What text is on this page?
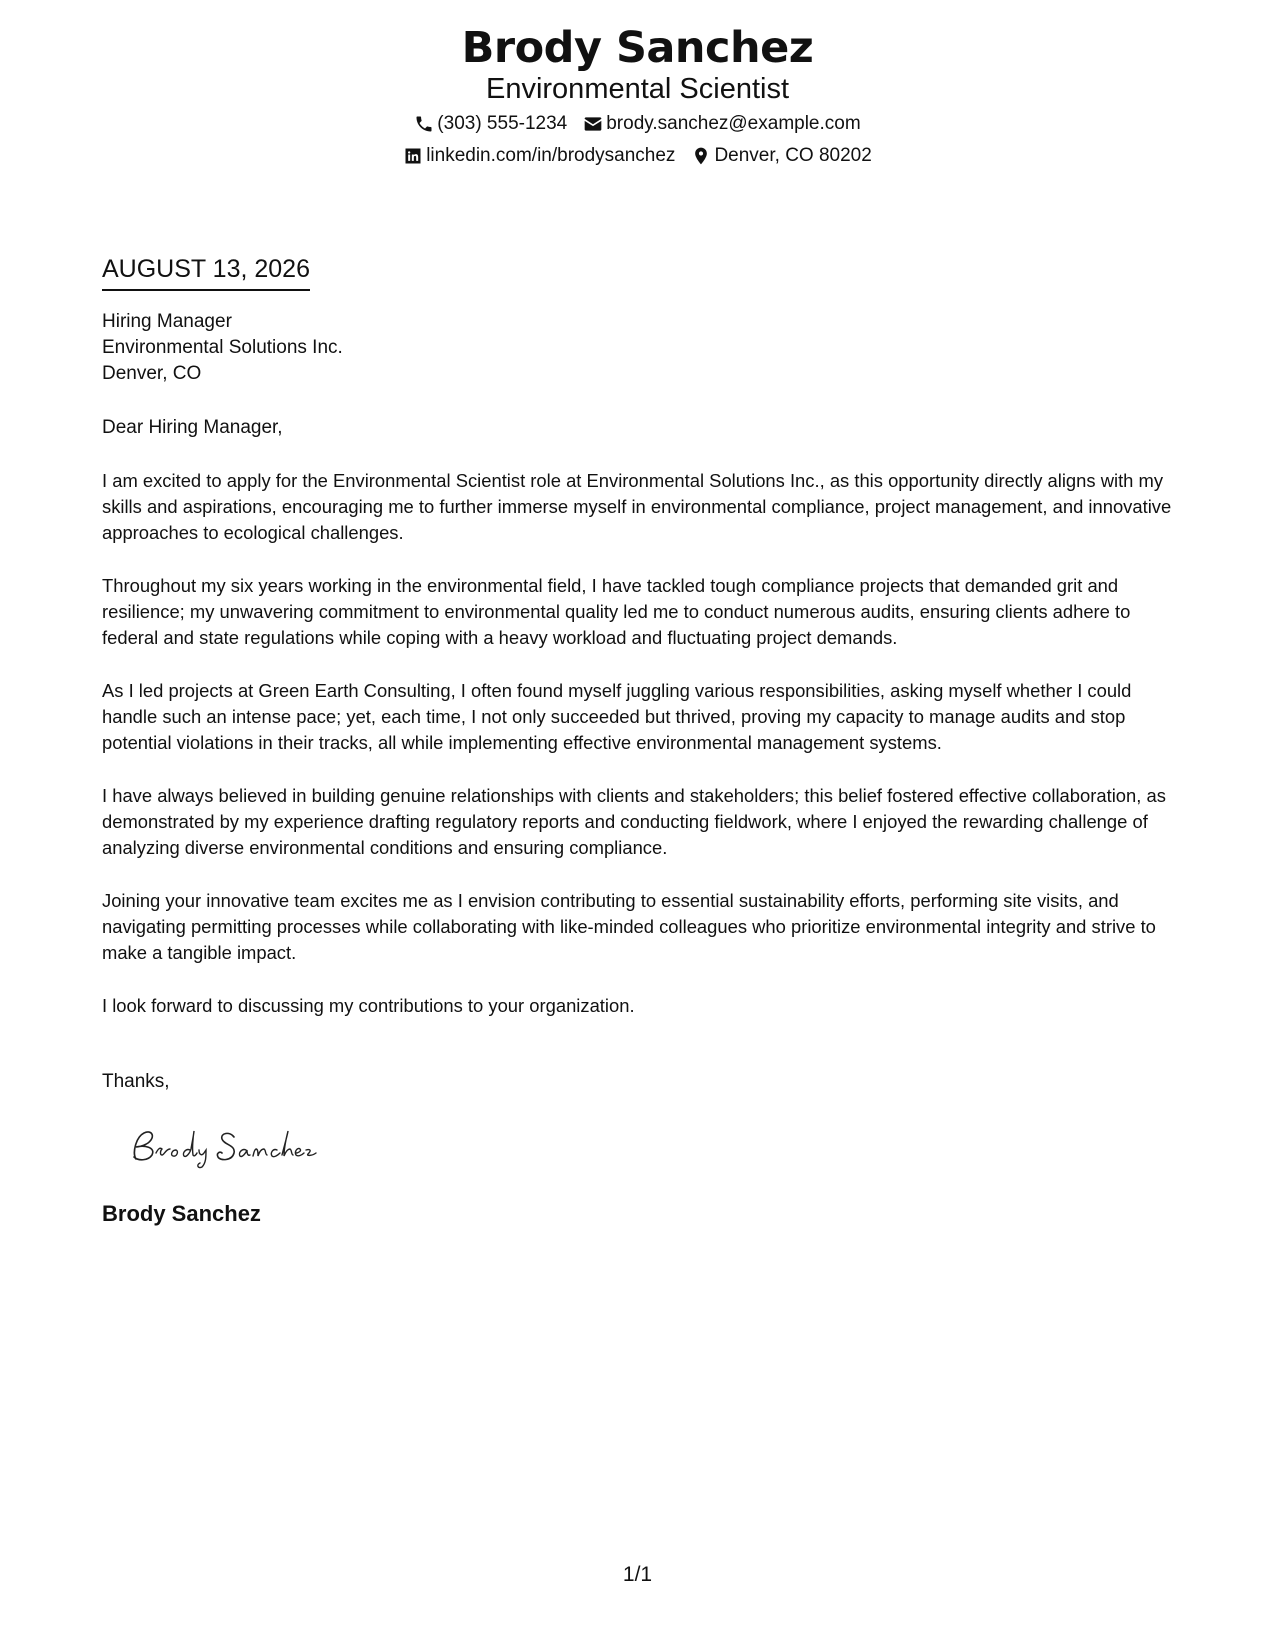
Brody Sanchez
Environmental Scientist
(303) 555-1234 brody.sanchez@example.com
linkedin.com/in/brodysanchez Denver, CO 80202
AUGUST 13, 2026
Hiring Manager
Environmental Solutions Inc.
Denver, CO
Dear Hiring Manager,
I am excited to apply for the Environmental Scientist role at Environmental Solutions Inc., as this opportunity directly aligns with my skills and aspirations, encouraging me to further immerse myself in environmental compliance, project management, and innovative approaches to ecological challenges.
Throughout my six years working in the environmental field, I have tackled tough compliance projects that demanded grit and resilience; my unwavering commitment to environmental quality led me to conduct numerous audits, ensuring clients adhere to federal and state regulations while coping with a heavy workload and fluctuating project demands.
As I led projects at Green Earth Consulting, I often found myself juggling various responsibilities, asking myself whether I could handle such an intense pace; yet, each time, I not only succeeded but thrived, proving my capacity to manage audits and stop potential violations in their tracks, all while implementing effective environmental management systems.
I have always believed in building genuine relationships with clients and stakeholders; this belief fostered effective collaboration, as demonstrated by my experience drafting regulatory reports and conducting fieldwork, where I enjoyed the rewarding challenge of analyzing diverse environmental conditions and ensuring compliance.
Joining your innovative team excites me as I envision contributing to essential sustainability efforts, performing site visits, and navigating permitting processes while collaborating with like-minded colleagues who prioritize environmental integrity and strive to make a tangible impact.
I look forward to discussing my contributions to your organization.
Thanks,
Brody Sanchez
1/1
